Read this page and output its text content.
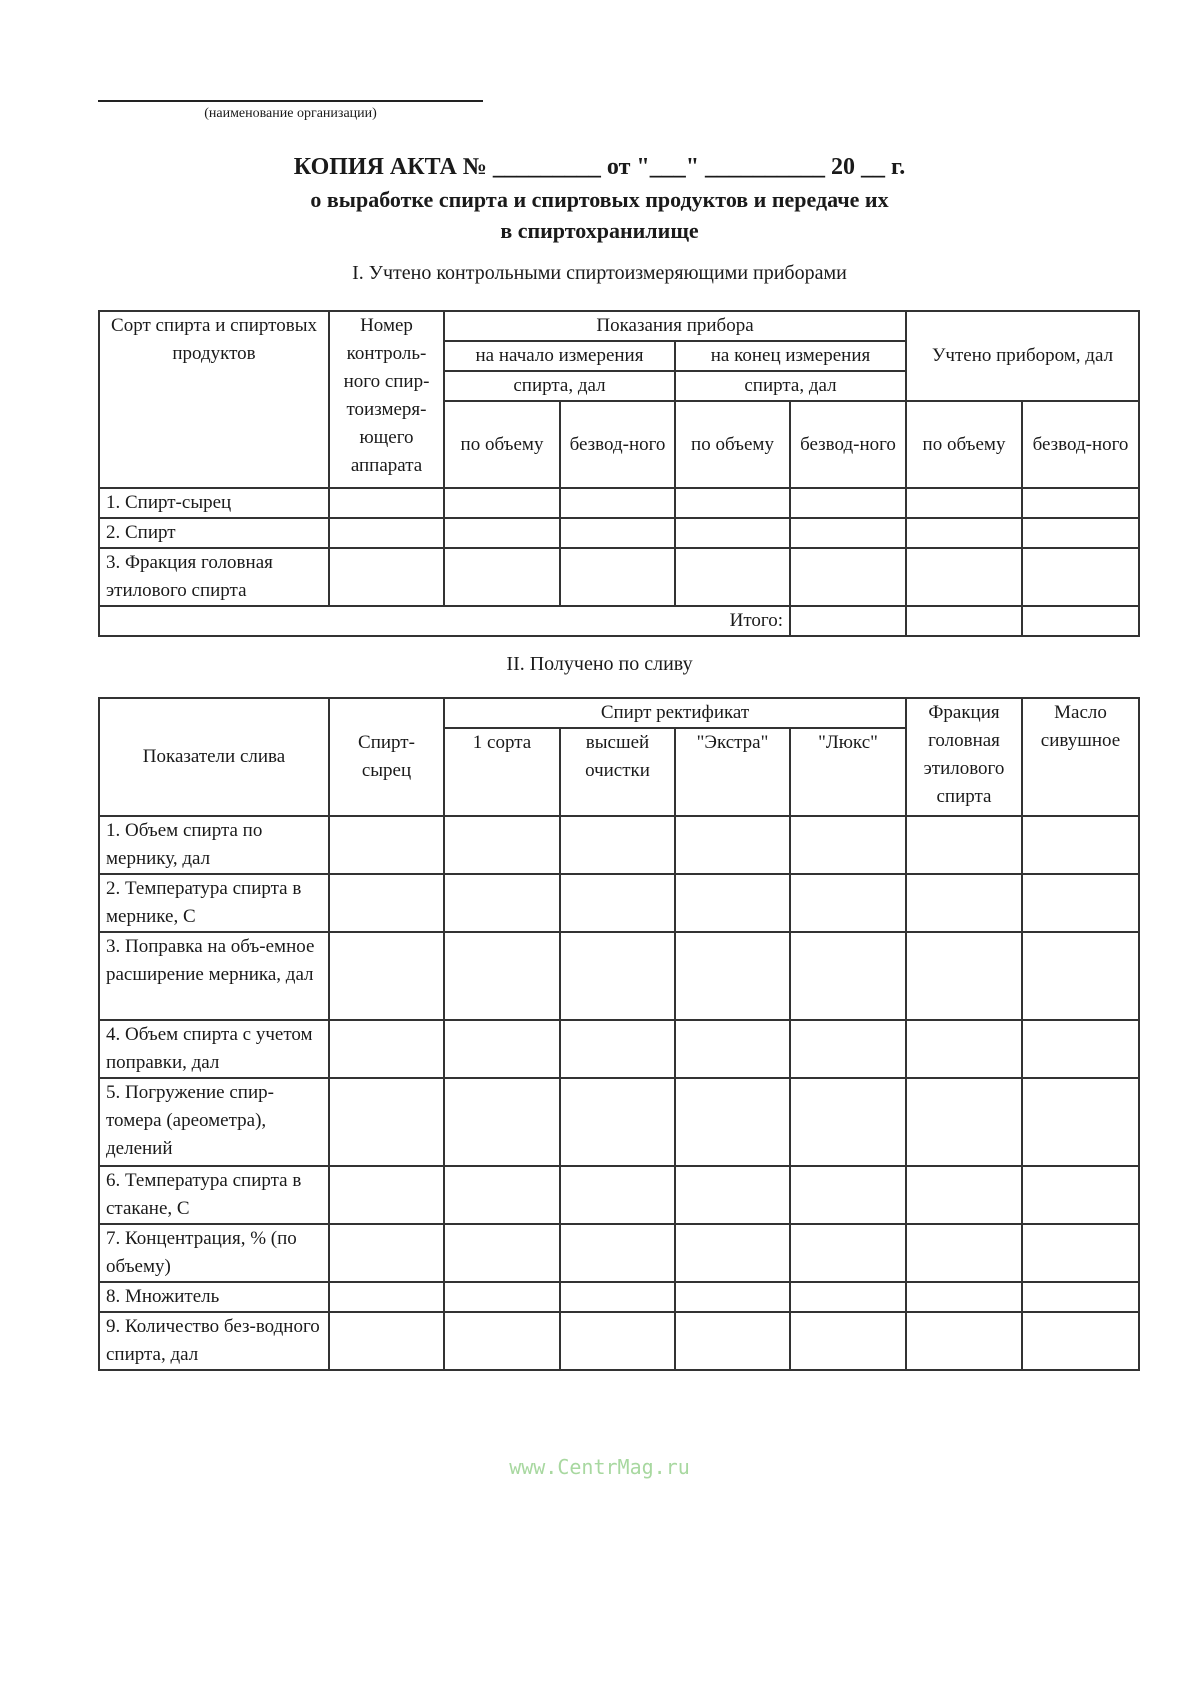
(наименование организации)
КОПИЯ АКТА № _________ от "___" __________ 20 __ г.
о выработке спирта и спиртовых продуктов и передаче их
в спиртохранилище
I. Учтено контрольными спиртоизмеряющими приборами
Сорт спирта и спиртовых продуктов	Номер контроль-ного спир-тоизмеря-ющего аппарата	Показания прибора				Учтено прибором, дал	
		на начало измерения		на конец измерения			
		спирта, дал		спирта, дал			
		по объему	безвод-ного	по объему	безвод-ного	по объему	безвод-ного
1. Спирт-сырец							
2. Спирт							
3. Фракция головная этилового спирта							
Итого:							
II. Получено по сливу
Показатели слива	Спирт-сырец	Спирт ректификат				Фракция головная этилового спирта	Масло сивушное
		1 сорта	высшей очистки	"Экстра"	"Люкс"		
1. Объем спирта по мернику, дал							
2. Температура спирта в мернике, С							
3. Поправка на объ-емное расширение мерника, дал							
4. Объем спирта с учетом поправки, дал							
5. Погружение спир-томера (ареометра), делений							
6. Температура спирта в стакане, С							
7. Концентрация, % (по объему)							
8. Множитель							
9. Количество без-водного спирта, дал							
www.CentrMag.ru
